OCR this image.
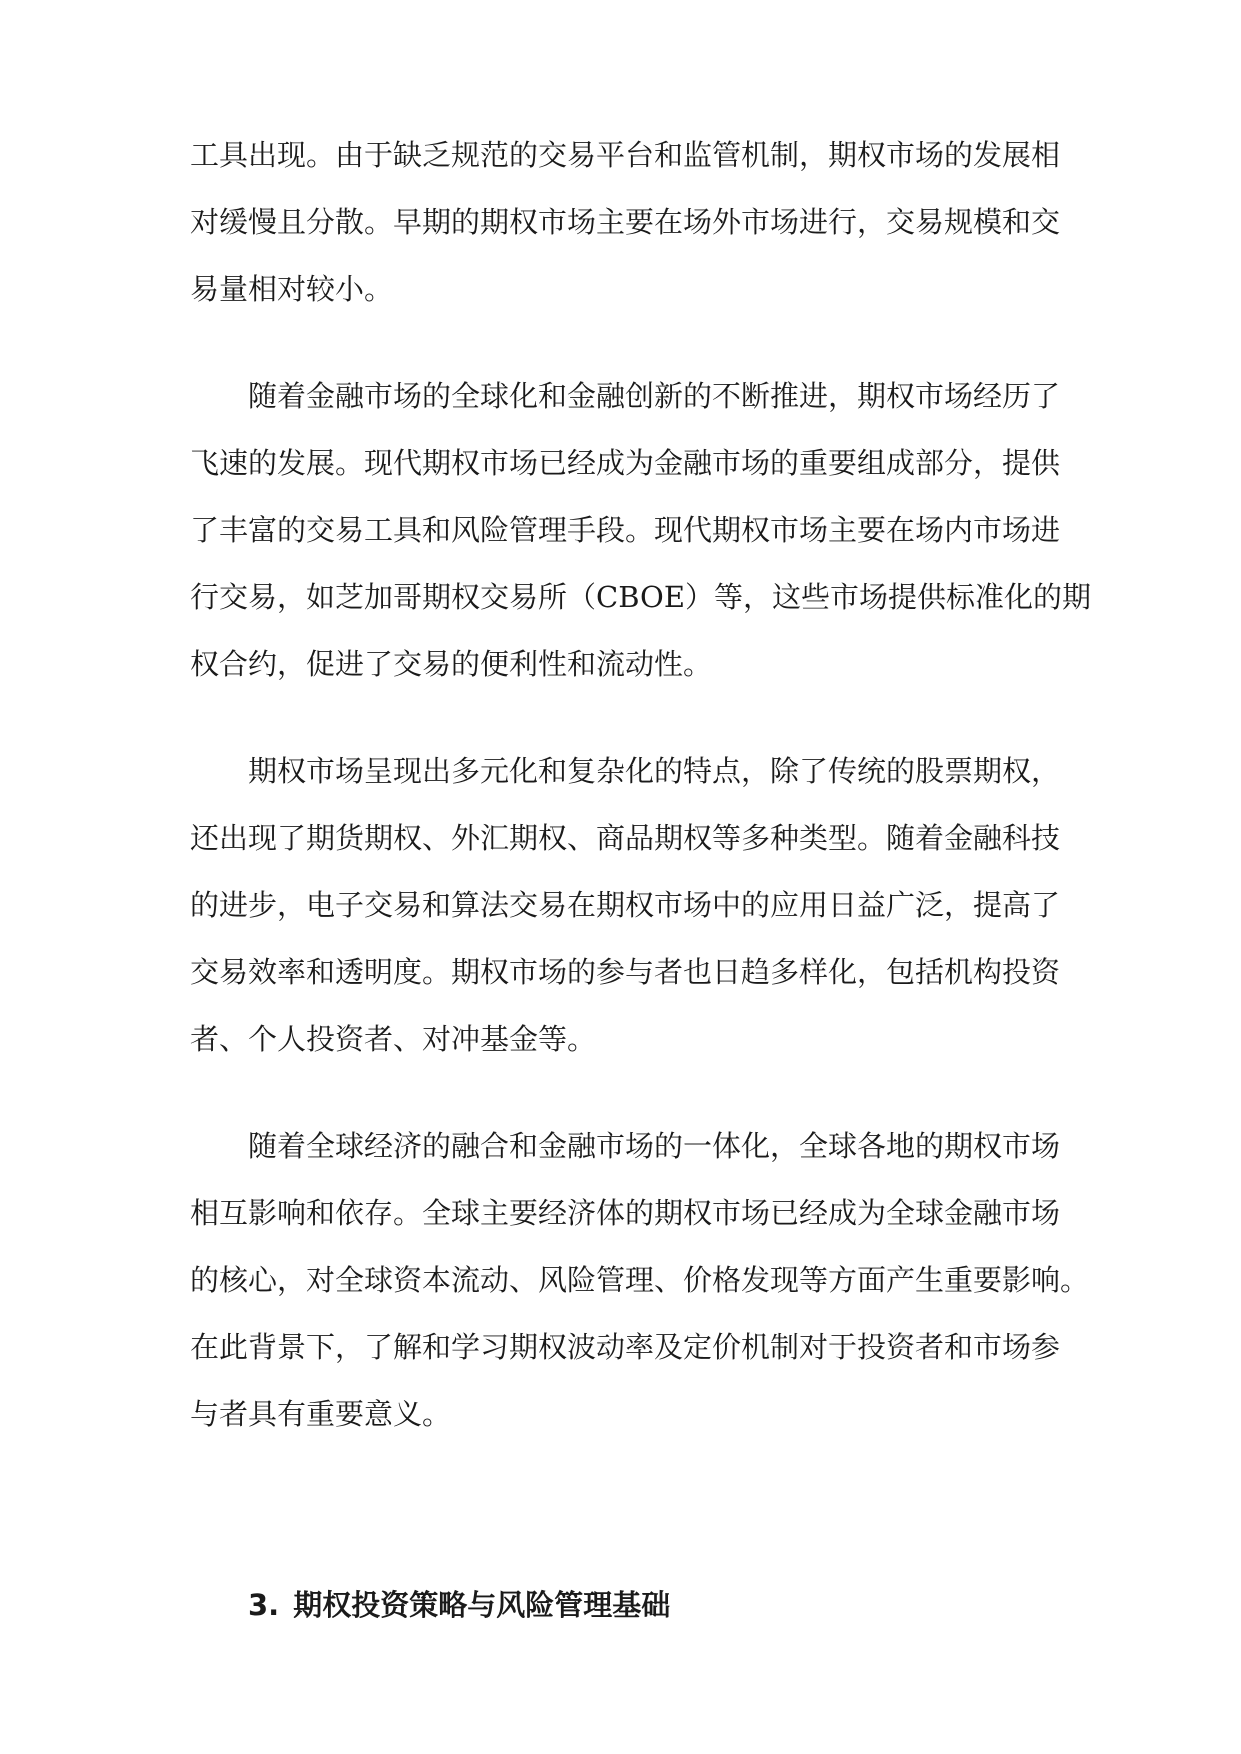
工具出现。由于缺乏规范的交易平台和监管机制，期权市场的发展相
对缓慢且分散。早期的期权市场主要在场外市场进行，交易规模和交
易量相对较小。
随着金融市场的全球化和金融创新的不断推进，期权市场经历了
飞速的发展。现代期权市场已经成为金融市场的重要组成部分，提供
了丰富的交易工具和风险管理手段。现代期权市场主要在场内市场进
行交易，如芝加哥期权交易所（CBOE）等，这些市场提供标准化的期
权合约，促进了交易的便利性和流动性。
期权市场呈现出多元化和复杂化的特点，除了传统的股票期权，
还出现了期货期权、外汇期权、商品期权等多种类型。随着金融科技
的进步，电子交易和算法交易在期权市场中的应用日益广泛，提高了
交易效率和透明度。期权市场的参与者也日趋多样化，包括机构投资
者、个人投资者、对冲基金等。
随着全球经济的融合和金融市场的一体化，全球各地的期权市场
相互影响和依存。全球主要经济体的期权市场已经成为全球金融市场
的核心，对全球资本流动、风险管理、价格发现等方面产生重要影响。
在此背景下，了解和学习期权波动率及定价机制对于投资者和市场参
与者具有重要意义。
3. 期权投资策略与风险管理基础
